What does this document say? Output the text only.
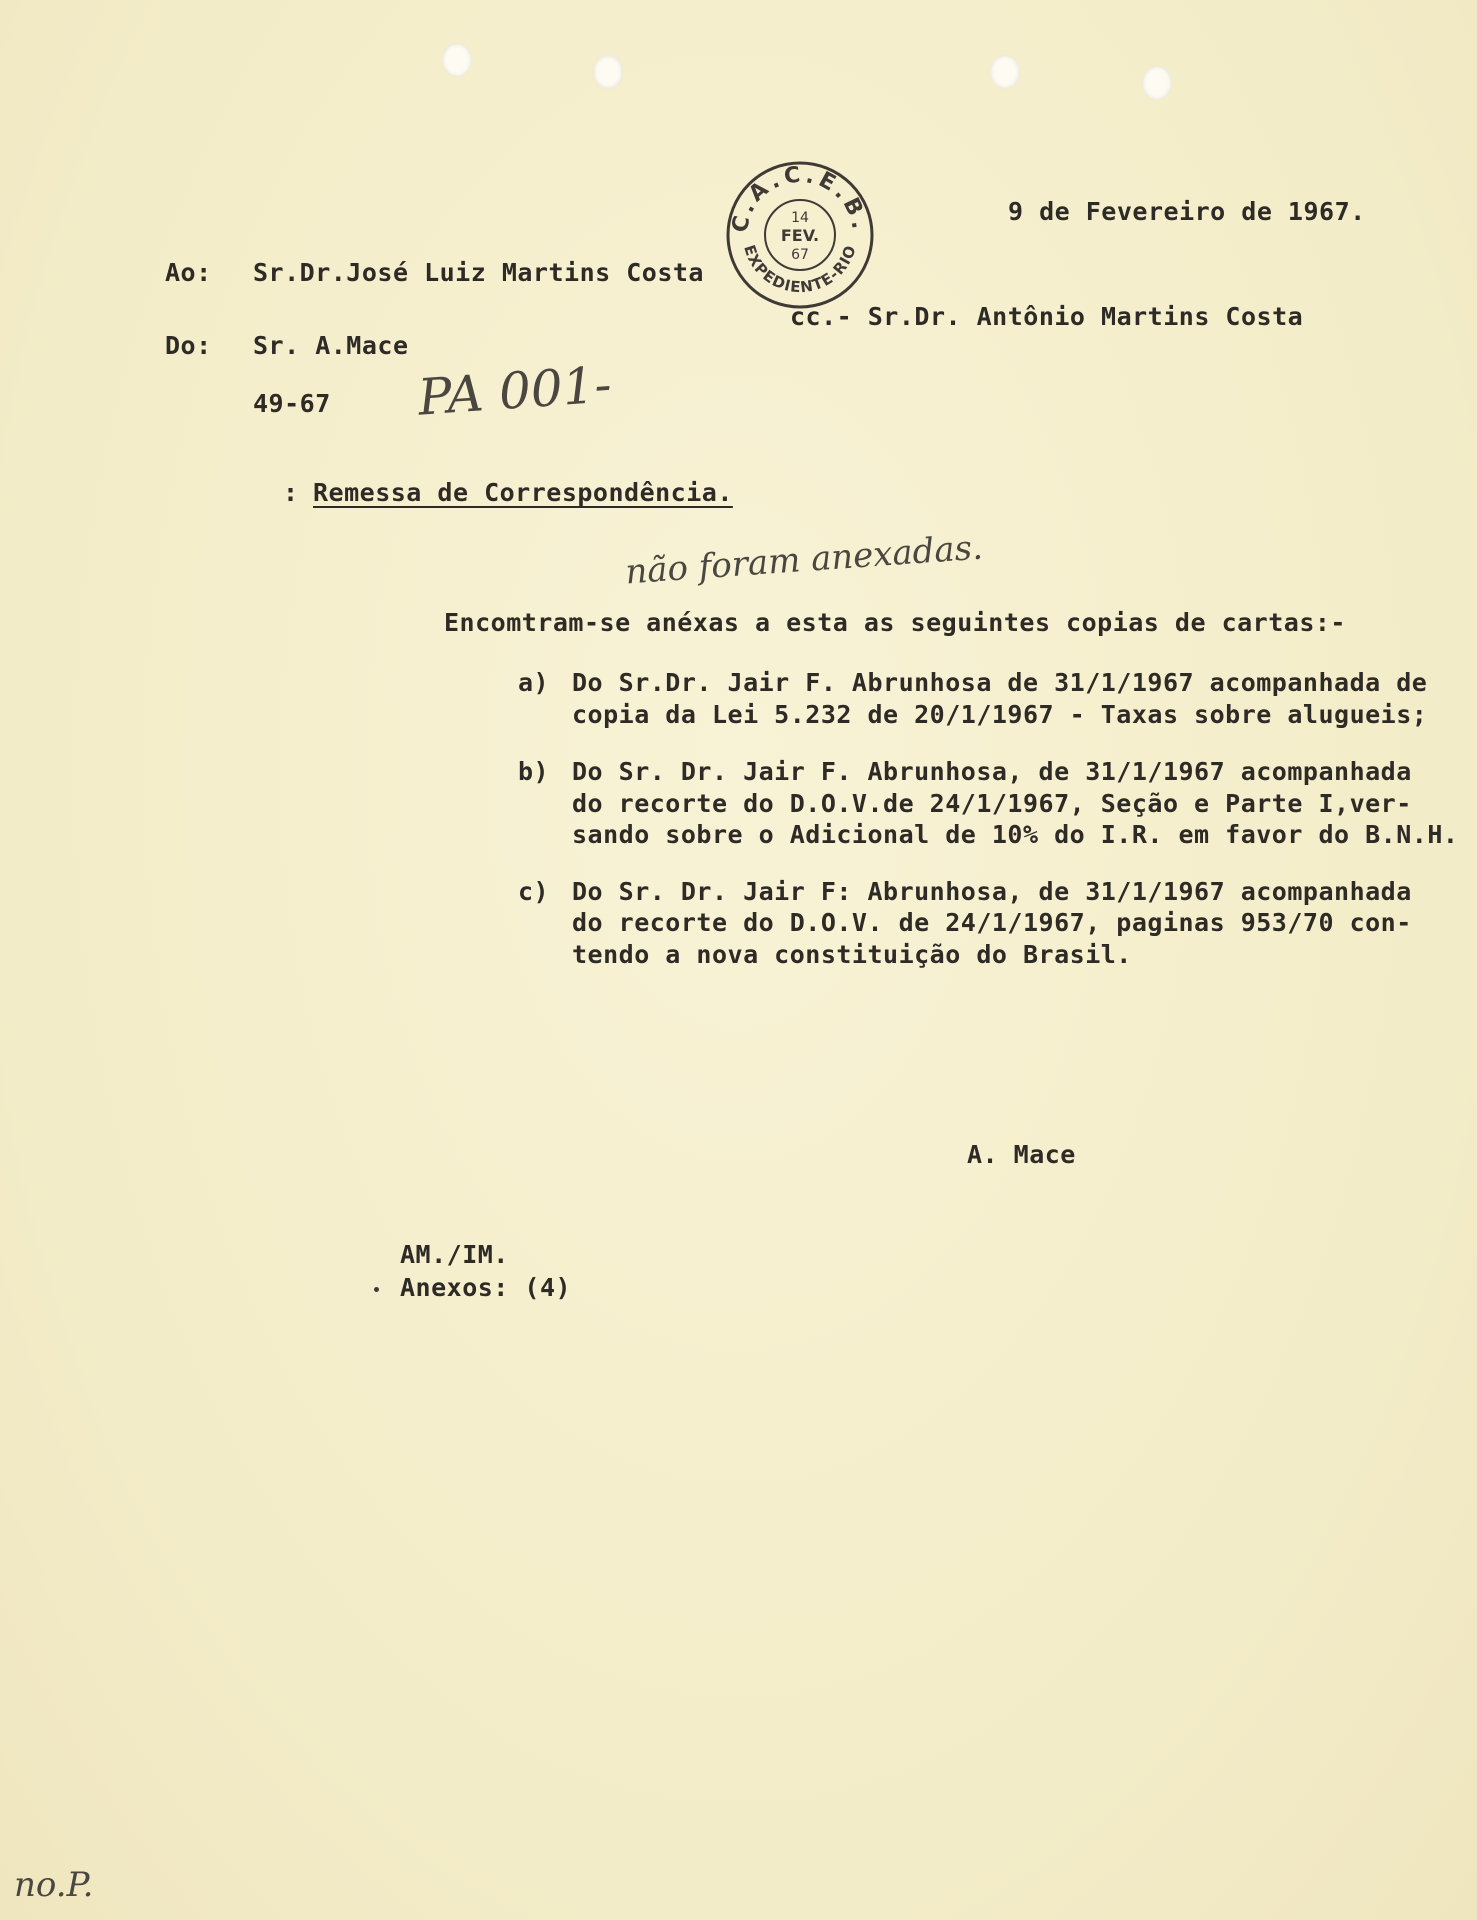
9 de Fevereiro de 1967.
C.A.C.E.B.
EXPEDIENTE-RIO
14
FEV.
67
Ao: Sr.Dr.José Luiz Martins Costa
cc.- Sr.Dr. Antônio Martins Costa
Do: Sr. A.Mace
49-67 PA 001-
: Remessa de Correspondência.
não foram anexadas.
Encomtram-se anéxas a esta as seguintes copias de cartas:-
a) Do Sr.Dr. Jair F. Abrunhosa de 31/1/1967 acompanhada de
copia da Lei 5.232 de 20/1/1967 - Taxas sobre alugueis;
b) Do Sr. Dr. Jair F. Abrunhosa, de 31/1/1967 acompanhada
do recorte do D.O.V.de 24/1/1967, Seção e Parte I,ver-
sando sobre o Adicional de 10% do I.R. em favor do B.N.H.
c) Do Sr. Dr. Jair F: Abrunhosa, de 31/1/1967 acompanhada
do recorte do D.O.V. de 24/1/1967, paginas 953/70 con-
tendo a nova constituição do Brasil.
A. Mace
AM./IM.
Anexos: (4)
no.P.
